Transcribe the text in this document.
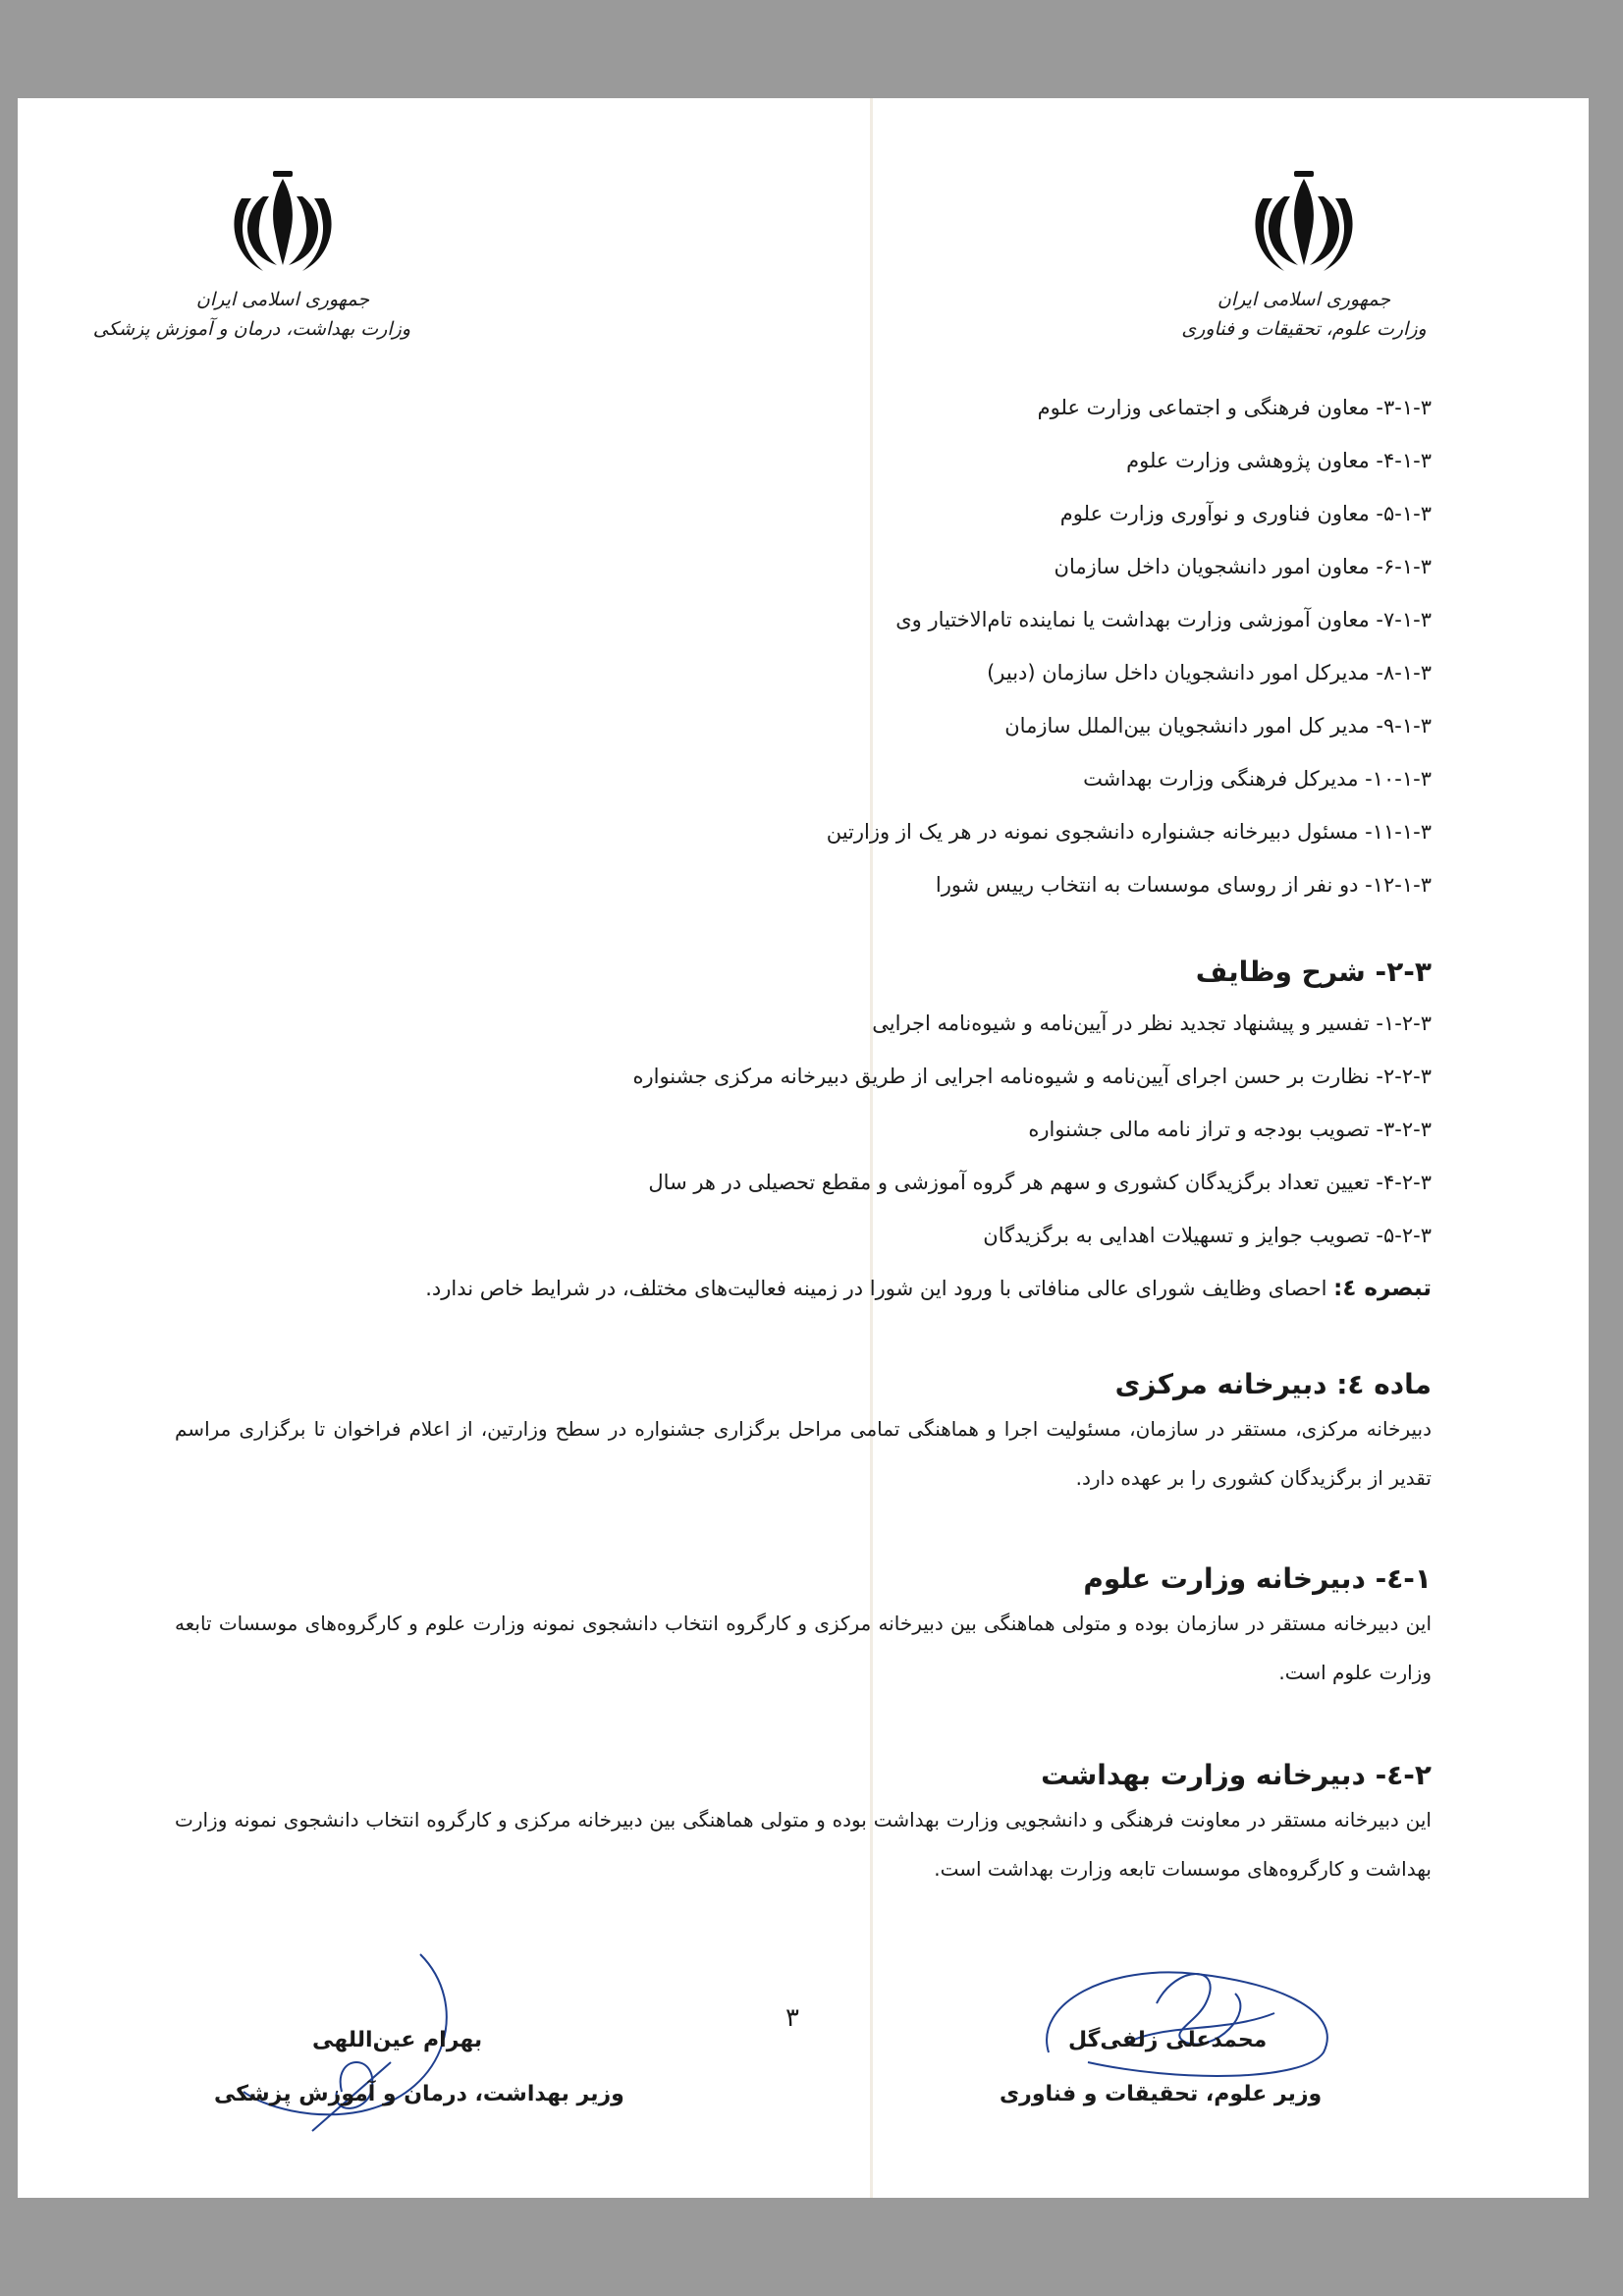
جمهوری اسلامی ایران
وزارت علوم، تحقیقات و فناوری
جمهوری اسلامی ایران
وزارت بهداشت، درمان و آموزش پزشکی
۳-۱-۳- معاون فرهنگی و اجتماعی وزارت علوم
۴-۱-۳- معاون پژوهشی وزارت علوم
۵-۱-۳- معاون فناوری و نوآوری وزارت علوم
۶-۱-۳- معاون امور دانشجویان داخل سازمان
۷-۱-۳- معاون آموزشی وزارت بهداشت یا نماینده تام‌الاختیار وی
۸-۱-۳- مدیرکل امور دانشجویان داخل سازمان (دبیر)
۹-۱-۳- مدیر کل امور دانشجویان بین‌الملل سازمان
۱۰-۱-۳- مدیرکل فرهنگی وزارت بهداشت
۱۱-۱-۳- مسئول دبیرخانه جشنواره دانشجوی نمونه در هر یک از وزارتین
۱۲-۱-۳- دو نفر از روسای موسسات به انتخاب رییس شورا
۲-۳- شرح وظایف
۱-۲-۳- تفسیر و پیشنهاد تجدید نظر در آیین‌نامه و شیوه‌نامه اجرایی
۲-۲-۳- نظارت بر حسن اجرای آیین‌نامه و شیوه‌نامه اجرایی از طریق دبیرخانه مرکزی جشنواره
۳-۲-۳- تصویب بودجه و تراز نامه مالی جشنواره
۴-۲-۳- تعیین تعداد برگزیدگان کشوری و سهم هر گروه آموزشی و مقطع تحصیلی در هر سال
۵-۲-۳- تصویب جوایز و تسهیلات اهدایی به برگزیدگان
تبصره ٤: احصای وظایف شورای عالی منافاتی با ورود این شورا در زمینه فعالیت‌های مختلف، در شرایط خاص ندارد.
ماده ٤: دبیرخانه مرکزی
دبیرخانه مرکزی، مستقر در سازمان، مسئولیت اجرا و هماهنگی تمامی مراحل برگزاری جشنواره در سطح وزارتین، از اعلام فراخوان تا برگزاری مراسم تقدیر از برگزیدگان کشوری را بر عهده دارد.
١-٤- دبیرخانه وزارت علوم
این دبیرخانه مستقر در سازمان بوده و متولی هماهنگی بین دبیرخانه مرکزی و کارگروه انتخاب دانشجوی نمونه وزارت علوم و کارگروه‌های موسسات تابعه وزارت علوم است.
٢-٤- دبیرخانه وزارت بهداشت
این دبیرخانه مستقر در معاونت فرهنگی و دانشجویی وزارت بهداشت بوده و متولی هماهنگی بین دبیرخانه مرکزی و کارگروه انتخاب دانشجوی نمونه وزارت بهداشت و کارگروه‌های موسسات تابعه وزارت بهداشت است.
۳
محمدعلی زلفی‌گل
وزیر علوم، تحقیقات و فناوری
بهرام عین‌اللهی
وزیر بهداشت، درمان و آموزش پزشکی
